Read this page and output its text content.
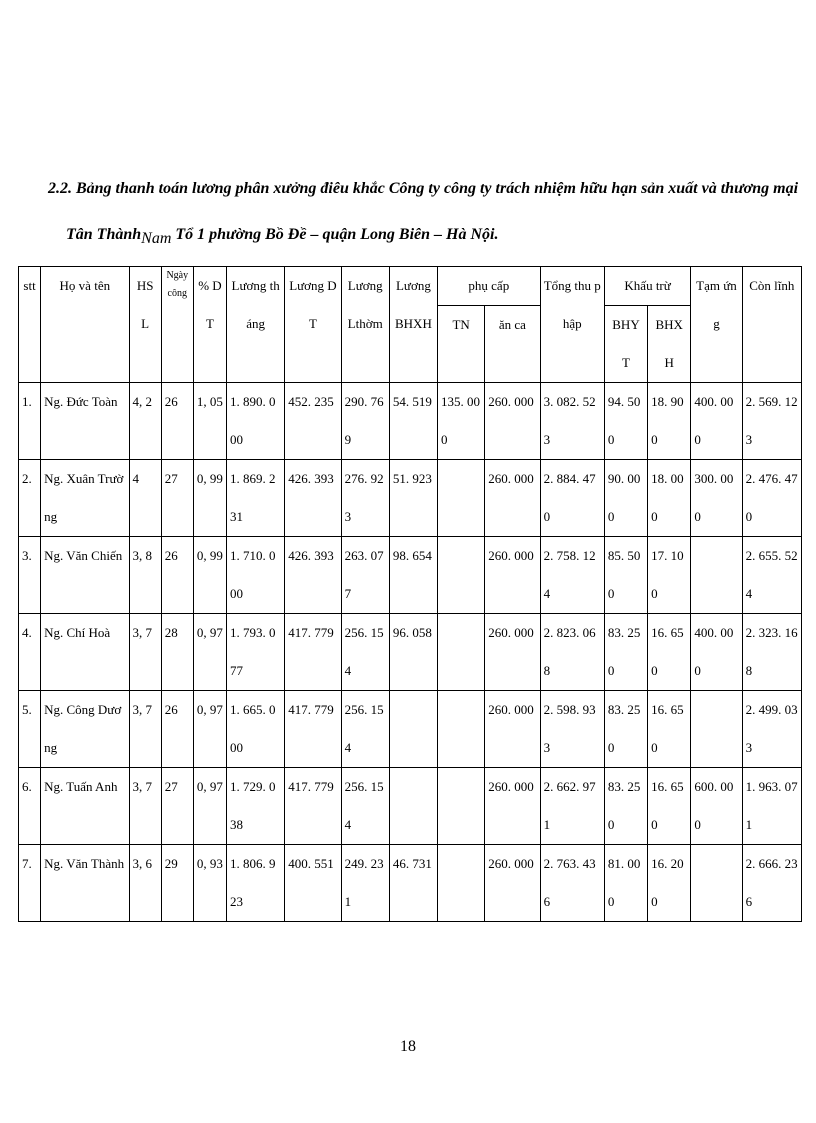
2.2. Bảng thanh toán lương phân xưởng điêu khắc Công ty công ty trách nhiệm hữu hạn sản xuất và thương mại

Tân ThànhNam Tổ 1 phường Bồ Đề – quận Long Biên – Hà Nội.

stt	Họ và tên	HS L	Ngày công	% DT	Lương tháng	Lương DT	Lương Lthờm	Lương BHXH	phụ cấp		Tổng thu phập	Khấu trừ		Tạm ứng	Còn lĩnh
									TN	ăn ca		BHY T	BHXH		

1.	Ng. Đức Toàn	4, 2	26	1, 05	1. 890. 000	452. 235	290. 769	54. 519	135. 000	260. 000	3. 082. 523	94. 500	18. 900	400. 000	2. 569. 123
2.	Ng. Xuân Trường	4	27	0, 99	1. 869. 231	426. 393	276. 923	51. 923		260. 000	2. 884. 470	90. 000	18. 000	300. 000	2. 476. 470
3.	Ng. Văn Chiến	3, 8	26	0, 99	1. 710. 000	426. 393	263. 077	98. 654		260. 000	2. 758. 124	85. 500	17. 100		2. 655. 524
4.	Ng. Chí Hoà	3, 7	28	0, 97	1. 793. 077	417. 779	256. 154	96. 058		260. 000	2. 823. 068	83. 250	16. 650	400. 000	2. 323. 168
5.	Ng. Công Dương	3, 7	26	0, 97	1. 665. 000	417. 779	256. 154			260. 000	2. 598. 933	83. 250	16. 650		2. 499. 033
6.	Ng. Tuấn Anh	3, 7	27	0, 97	1. 729. 038	417. 779	256. 154			260. 000	2. 662. 971	83. 250	16. 650	600. 000	1. 963. 071
7.	Ng. Văn Thành	3, 6	29	0, 93	1. 806. 923	400. 551	249. 231	46. 731		260. 000	2. 763. 436	81. 000	16. 200		2. 666. 236
18
